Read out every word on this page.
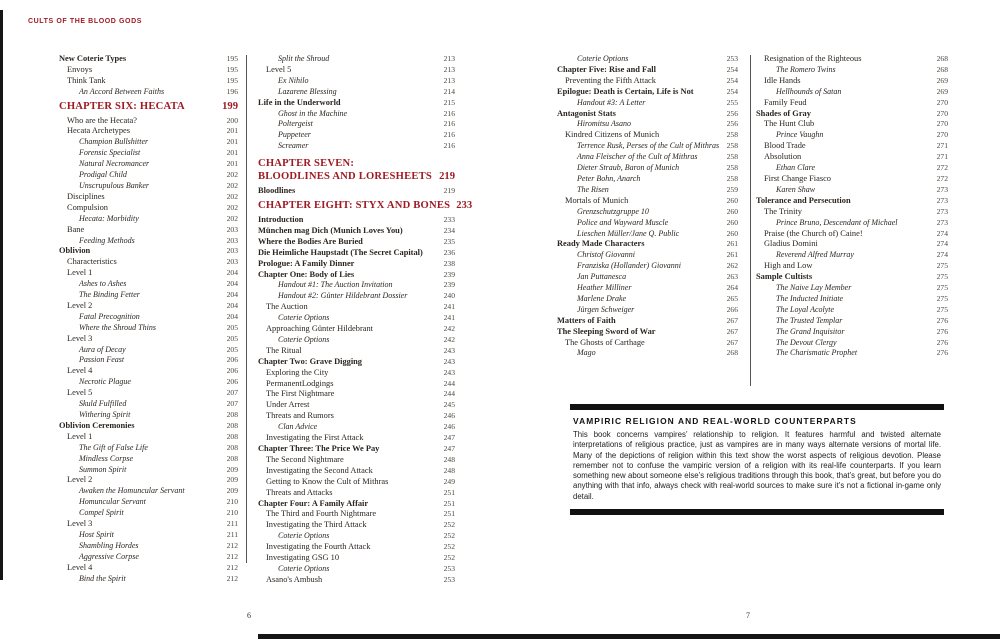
CULTS OF THE BLOOD GODS
New Coterie Types	195
Envoys	195
Think Tank	195
An Accord Between Faiths	196
CHAPTER SIX: HECATA	199
Who are the Hecata?	200
Hecata Archetypes	201
Champion Bullshitter	201
Forensic Specialist	201
Natural Necromancer	201
Prodigal Child	202
Unscrupulous Banker	202
Disciplines	202
Compulsion	202
Hecata: Morbidity	202
Bane	203
Feeding Methods	203
Oblivion	203
Characteristics	203
Level 1	204
Ashes to Ashes	204
The Binding Fetter	204
Level 2	204
Fatal Precognition	204
Where the Shroud Thins	205
Level 3	205
Aura of Decay	205
Passion Feast	206
Level 4	206
Necrotic Plague	206
Level 5	207
Skuld Fulfilled	207
Withering Spirit	208
Oblivion Ceremonies	208
Level 1	208
The Gift of False Life	208
Mindless Corpse	208
Summon Spirit	209
Level 2	209
Awaken the Homuncular Servant	209
Homuncular Servant	210
Compel Spirit	210
Level 3	211
Host Spirit	211
Shambling Hordes	212
Aggressive Corpse	212
Level 4	212
Bind the Spirit	212
Split the Shroud	213
Level 5	213
Ex Nihilo	213
Lazarene Blessing	214
Life in the Underworld	215
Ghost in the Machine	216
Poltergeist	216
Puppeteer	216
Screamer	216
CHAPTER SEVEN:
BLOODLINES AND LORESHEETS 219
Bloodlines	219
CHAPTER EIGHT: STYX AND BONES 233
Introduction	233
München mag Dich (Munich Loves You)	234
Where the Bodies Are Buried	235
Die Heimliche Haupstadt (The Secret Capital)	236
Prologue: A Family Dinner	238
Chapter One: Body of Lies	239
Handout #1: The Auction Invitation	239
Handout #2: Günter Hildebrant Dossier	240
The Auction	241
Coterie Options	241
Approaching Günter Hildebrant	242
Coterie Options	242
The Ritual	243
Chapter Two: Grave Digging	243
Exploring the City	243
PermanentLodgings	244
The First Nightmare	244
Under Arrest	245
Threats and Rumors	246
Clan Advice	246
Investigating the First Attack	247
Chapter Three: The Price We Pay	247
The Second Nightmare	248
Investigating the Second Attack	248
Getting to Know the Cult of Mithras	249
Threats and Attacks	251
Chapter Four: A Family Affair	251
The Third and Fourth Nightmare	251
Investigating the Third Attack	252
Coterie Options	252
Investigating the Fourth Attack	252
Investigating GSG 10	252
Coterie Options	253
Asano's Ambush	253
Coterie Options	253
Chapter Five: Rise and Fall	254
Preventing the Fifth Attack	254
Epilogue: Death is Certain, Life is Not	254
Handout #3: A Letter	255
Antagonist Stats	256
Hiromitsu Asano	256
Kindred Citizens of Munich	258
Terrence Rusk, Perses of the Cult of Mithras 258
Anna Fleischer of the Cult of Mithras	258
Dieter Straub, Baron of Munich	258
Peter Bohn, Anarch	258
The Risen	259
Mortals of Munich	260
Grenzschutzgruppe 10	260
Police and Wayward Muscle	260
Lieschen Müller/Jane Q. Public	260
Ready Made Characters	261
Christof Giovanni	261
Franziska (Hollander) Giovanni	262
Jan Puttanesca	263
Heather Milliner	264
Marlene Drake	265
Jürgen Schweiger	266
Matters of Faith	267
The Sleeping Sword of War	267
The Ghosts of Carthage	267
Mago	268
Resignation of the Righteous	268
The Romero Twins	268
Idle Hands	269
Hellhounds of Satan	269
Family Feud	270
Shades of Gray	270
The Hunt Club	270
Prince Vaughn	270
Blood Trade	271
Absolution	271
Ethan Clare	272
First Change Fiasco	272
Karen Shaw	273
Tolerance and Persecution	273
The Trinity	273
Prince Bruno, Descendant of Michael	273
Praise (the Church of) Caine!	274
Gladius Domini	274
Reverend Alfred Murray	274
High and Low	275
Sample Cultists	275
The Naive Lay Member	275
The Inducted Initiate	275
The Loyal Acolyte	275
The Trusted Templar	276
The Grand Inquisitor	276
The Devout Clergy	276
The Charismatic Prophet	276
VAMPIRIC RELIGION AND REAL-WORLD COUNTERPARTS
This book concerns vampires’ relationship to religion. It features harmful and twisted alternate interpretations of religious practice, just as vampires are in many ways alternate versions of mortal life. Many of the depictions of religion within this text show the worst aspects of religious devotion. Please remember not to confuse the vampiric version of a religion with its real-life counterparts. If you learn something new about someone else’s religious traditions through this book, that’s great, but before you do anything with that info, always check with real-world sources to make sure it’s not a fictional in-game only detail.
6	7
